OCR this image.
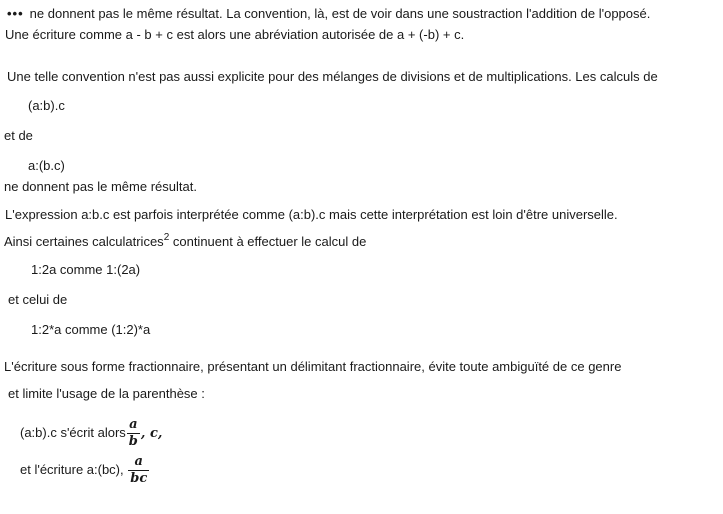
••• ne donnent pas le même résultat. La convention, là, est de voir dans une soustraction l'addition de l'opposé.
Une écriture comme a - b + c est alors une abréviation autorisée de a + (-b) + c.
Une telle convention n'est pas aussi explicite pour des mélanges de divisions et de multiplications. Les calculs de
(a:b).c
et de
a:(b.c)
ne donnent pas le même résultat.
L'expression a:b.c est parfois interprétée comme (a:b).c mais cette interprétation est loin d'être universelle.
Ainsi certaines calculatrices$^2$ continuent à effectuer le calcul de
1:2a comme 1:(2a)
et celui de
1:2*a comme (1:2)*a
L'écriture sous forme fractionnaire, présentant un délimitant fractionnaire, évite toute ambiguïté de ce genre
et limite l'usage de la parenthèse :
(a:b).c s'écrit alors $\frac{a}{b}$ , c,
et l'écriture a:(bc), $\frac{a}{bc}$
